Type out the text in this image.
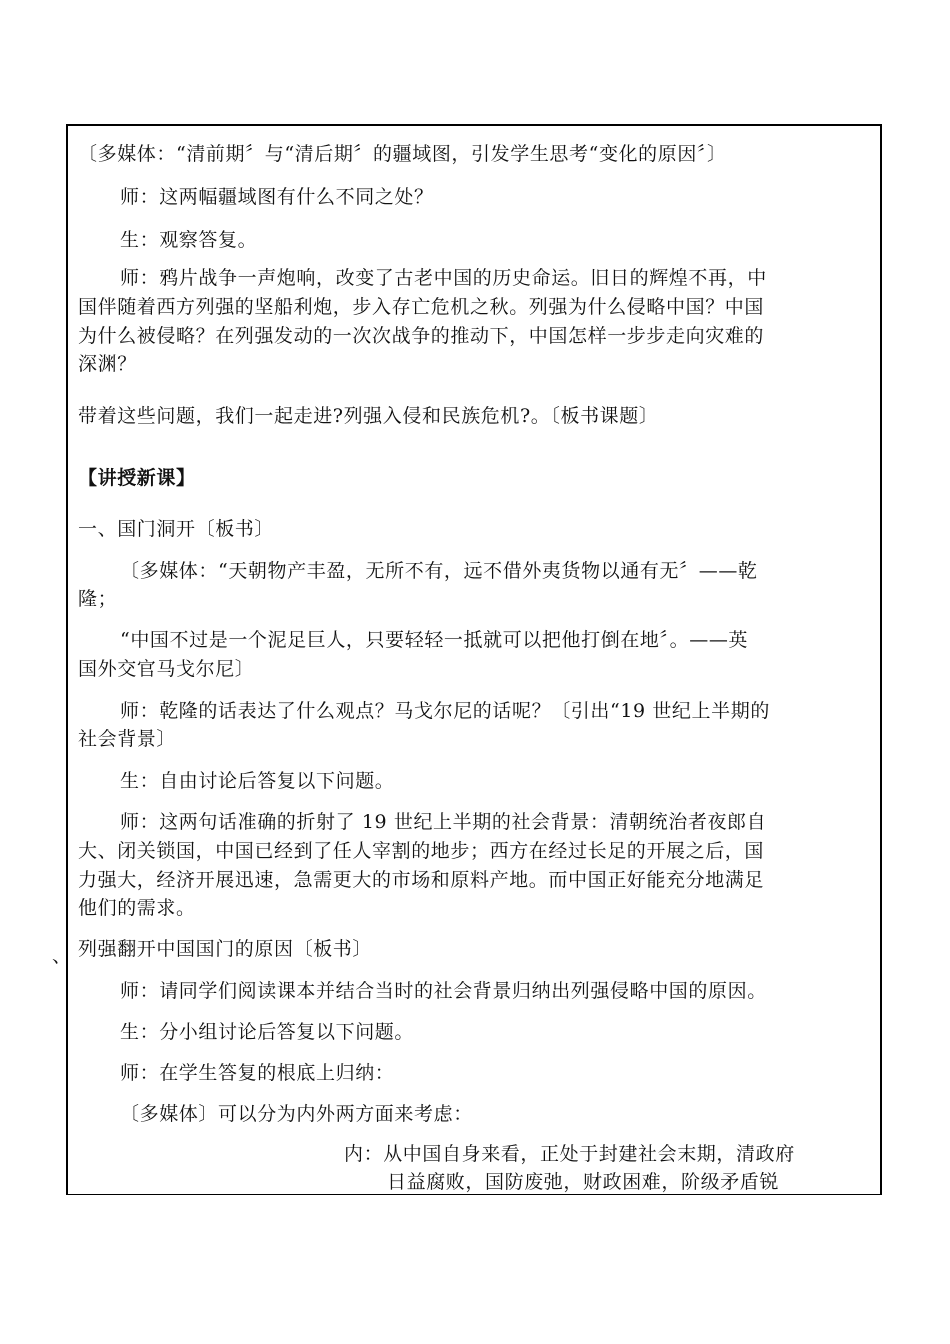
〔多媒体：“清前期〞与“清后期〞的疆域图，引发学生思考“变化的原因〞〕
师：这两幅疆域图有什么不同之处？
生：观察答复。
师：鸦片战争一声炮响，改变了古老中国的历史命运。旧日的辉煌不再，中
国伴随着西方列强的坚船利炮，步入存亡危机之秋。列强为什么侵略中国？中国
为什么被侵略？在列强发动的一次次战争的推动下，中国怎样一步步走向灾难的
深渊？
带着这些问题，我们一起走进?列强入侵和民族危机?。〔板书课题〕
【讲授新课】
一、国门洞开〔板书〕
〔多媒体：“天朝物产丰盈，无所不有，远不借外夷货物以通有无〞——乾
隆；
“中国不过是一个泥足巨人，只要轻轻一抵就可以把他打倒在地〞。——英
国外交官马戈尔尼〕
师：乾隆的话表达了什么观点？马戈尔尼的话呢？〔引出“19 世纪上半期的
社会背景〕
生：自由讨论后答复以下问题。
师：这两句话准确的折射了 19 世纪上半期的社会背景：清朝统治者夜郎自
大、闭关锁国，中国已经到了任人宰割的地步；西方在经过长足的开展之后，国
力强大，经济开展迅速，急需更大的市场和原料产地。而中国正好能充分地满足
他们的需求。
、 列强翻开中国国门的原因〔板书〕
师：请同学们阅读课本并结合当时的社会背景归纳出列强侵略中国的原因。
生：分小组讨论后答复以下问题。
师：在学生答复的根底上归纳：
〔多媒体〕可以分为内外两方面来考虑：
内：从中国自身来看，正处于封建社会末期，清政府
日益腐败，国防废弛，财政困难，阶级矛盾锐
